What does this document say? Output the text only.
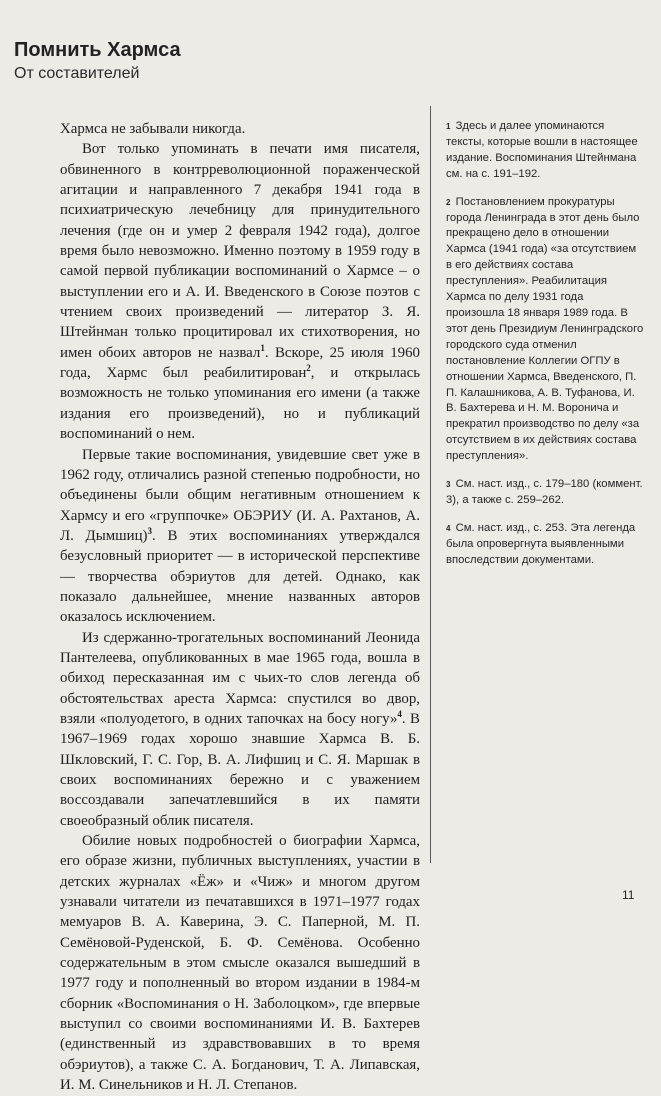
Помнить Хармса
От составителей

Хармса не забывали никогда.

Вот только упоминать в печати имя писателя, обвиненного в контрреволюционной пораженческой агитации и направленного 7 декабря 1941 года в психиатрическую лечебницу для принудительного лечения (где он и умер 2 февраля 1942 года), долгое время было невозможно. Именно поэтому в 1959 году в самой первой публикации воспоминаний о Хармсе – о выступлении его и А. И. Введенского в Союзе поэтов с чтением своих произведений — литератор З. Я. Штейнман только процитировал их стихотворения, но имен обоих авторов не назвал$^1$. Вскоре, 25 июля 1960 года, Хармс был реабилитирован$^2$, и открылась возможность не только упоминания его имени (а также издания его произведений), но и публикаций воспоминаний о нем.

Первые такие воспоминания, увидевшие свет уже в 1962 году, отличались разной степенью подробности, но объединены были общим негативным отношением к Хармсу и его «группочке» ОБЭРИУ (И. А. Рахтанов, А. Л. Дымшиц)$^3$. В этих воспоминаниях утверждался безусловный приоритет — в исторической перспективе — творчества обэриутов для детей. Однако, как показало дальнейшее, мнение названных авторов оказалось исключением.

Из сдержанно-трогательных воспоминаний Леонида Пантелеева, опубликованных в мае 1965 года, вошла в обиход пересказанная им с чьих-то слов легенда об обстоятельствах ареста Хармса: спустился во двор, взяли «полуодетого, в одних тапочках на босу ногу»$^4$. В 1967–1969 годах хорошо знавшие Хармса В. Б. Шкловский, Г. С. Гор, В. А. Лифшиц и С. Я. Маршак в своих воспоминаниях бережно и с уважением воссоздавали запечатлевшийся в их памяти своеобразный облик писателя.

Обилие новых подробностей о биографии Хармса, его образе жизни, публичных выступлениях, участии в детских журналах «Ёж» и «Чиж» и многом другом узнавали читатели из печатавшихся в 1971–1977 годах мемуаров В. А. Каверина, Э. С. Паперной, М. П. Семёновой-Руденской, Б. Ф. Семёнова. Особенно содержательным в этом смысле оказался вышедший в 1977 году и пополненный во втором издании в 1984-м сборник «Воспоминания о Н. Заболоцком», где впервые выступил со своими воспоминаниями И. В. Бахтерев (единственный из здравствовавших в то время обэриутов), а также С. А. Богданович, Т. А. Липавская, И. М. Синельников и Н. Л. Степанов.

$^1$ Здесь и далее упоминаются тексты, которые вошли в настоящее издание. Воспоминания Штейнмана см. на с. 191–192.

$^2$ Постановлением прокуратуры города Ленинграда в этот день было прекращено дело в отношении Хармса (1941 года) «за отсутствием в его действиях состава преступления». Реабилитация Хармса по делу 1931 года произошла 18 января 1989 года. В этот день Президиум Ленинградского городского суда отменил постановление Коллегии ОГПУ в отношении Хармса, Введенского, П. П. Калашникова, А. В. Туфанова, И. В. Бахтерева и Н. М. Воронича и прекратил производство по делу «за отсутствием в их действиях состава преступления».

$^3$ См. наст. изд., с. 179–180 (коммент. 3), а также с. 259–262.

$^4$ См. наст. изд., с. 253. Эта легенда была опровергнута выявленными впоследствии документами.

11
